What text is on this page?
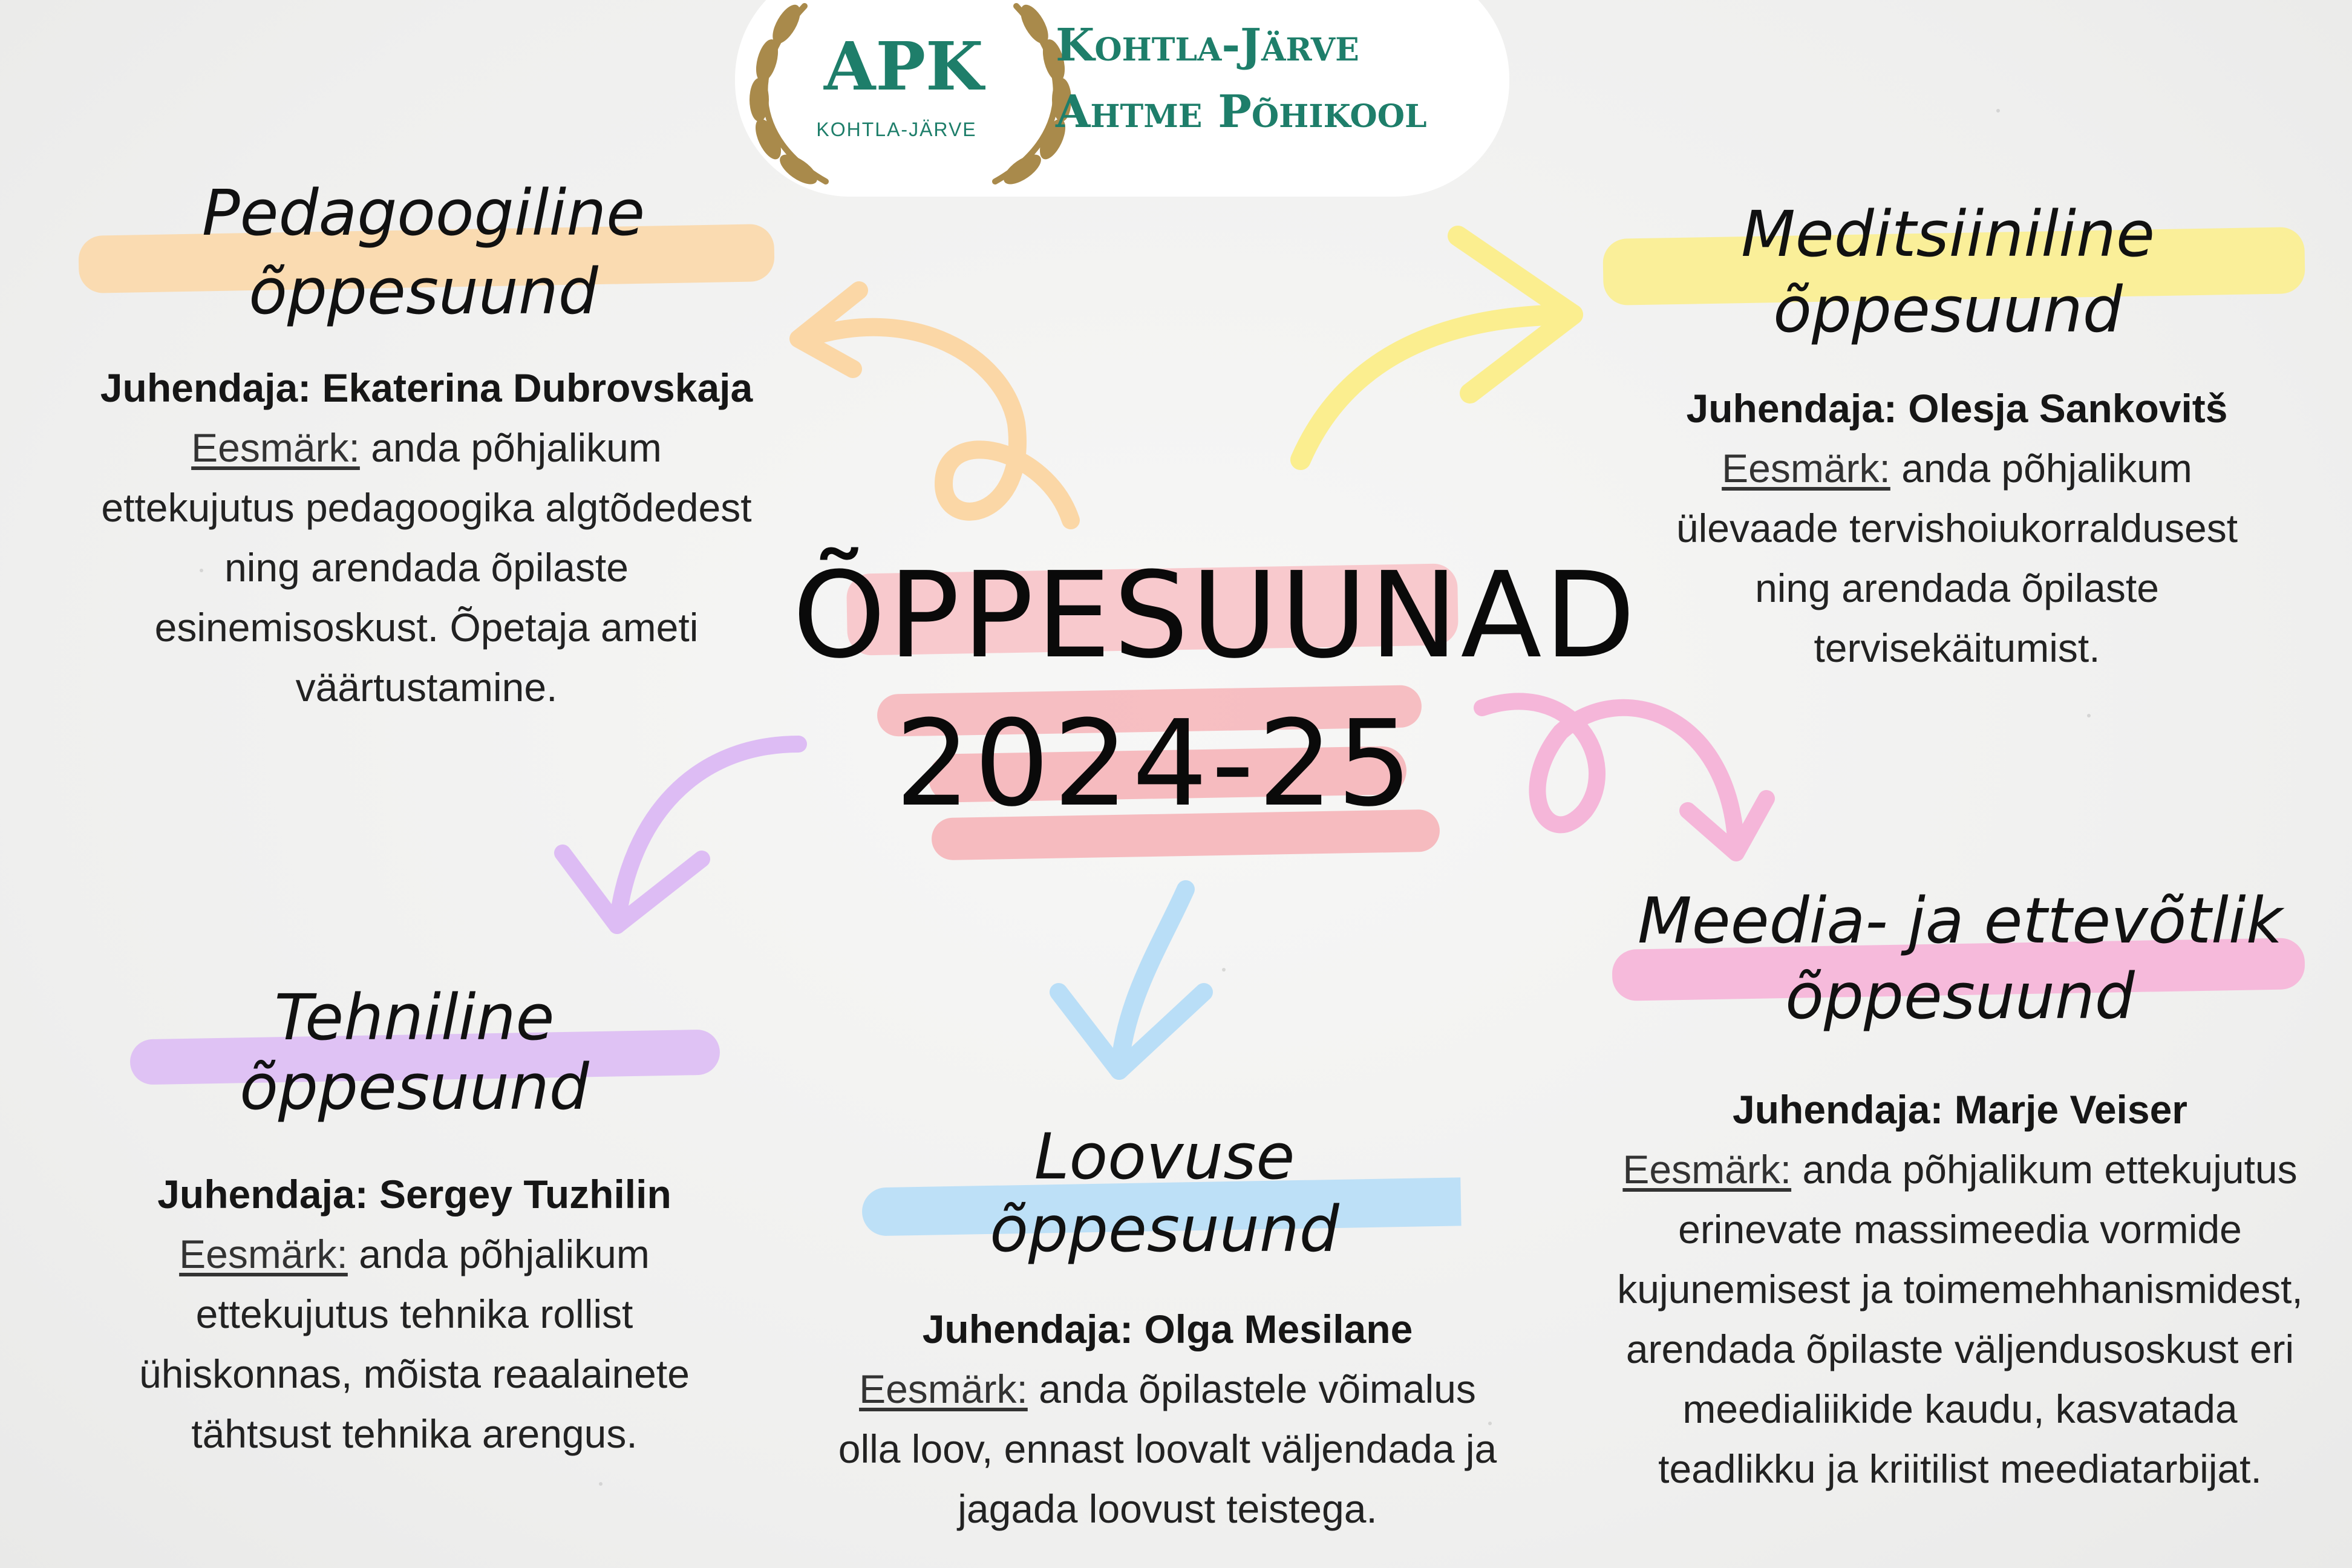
APK
KOHTLA-JÄRVE
Kohtla-Järve
Ahtme Põhikool
ÕPPESUUNAD
2024-25
Pedagoogiline
õppesuund
Juhendaja: Ekaterina Dubrovskaja
Eesmärk: anda põhjalikum
ettekujutus pedagoogika algtõdedest
ning arendada õpilaste
esinemisoskust. Õpetaja ameti
väärtustamine.
Meditsiiniline
õppesuund
Juhendaja: Olesja Sankovitš
Eesmärk: anda põhjalikum
ülevaade tervishoiukorraldusest
ning arendada õpilaste
tervisekäitumist.
Tehniline
õppesuund
Juhendaja: Sergey Tuzhilin
Eesmärk: anda põhjalikum
ettekujutus tehnika rollist
ühiskonnas, mõista reaalainete
tähtsust tehnika arengus.
Loovuse
õppesuund
Juhendaja: Olga Mesilane
Eesmärk: anda õpilastele võimalus
olla loov, ennast loovalt väljendada ja
jagada loovust teistega.
Meedia- ja ettevõtlik
õppesuund
Juhendaja: Marje Veiser
Eesmärk: anda põhjalikum ettekujutus
erinevate massimeedia vormide
kujunemisest ja toimemehhanismidest,
arendada õpilaste väljendusoskust eri
meedialiikide kaudu, kasvatada
teadlikku ja kriitilist meediatarbijat.
